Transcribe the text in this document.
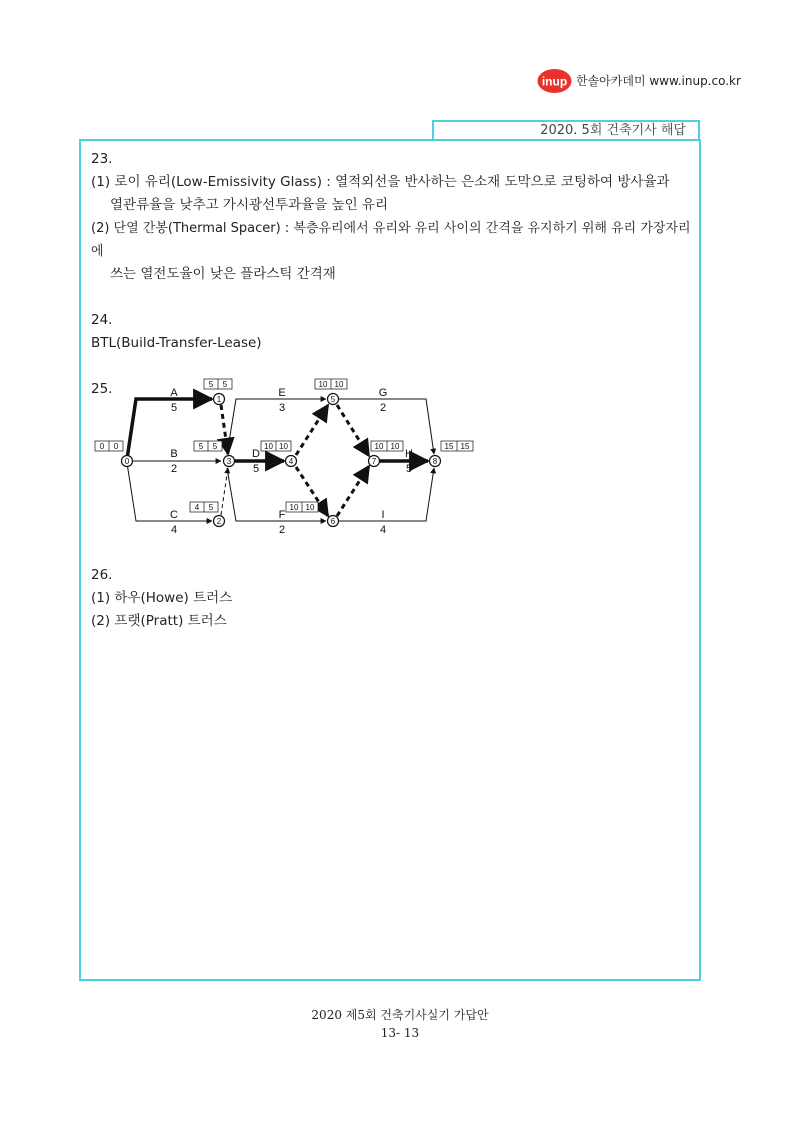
inup 한솔아카데미 www.inup.co.kr
2020. 5회 건축기사 해답

23.

(1) 로이 유리(Low-Emissivity Glass) : 열적외선을 반사하는 은소재 도막으로 코팅하여 방사율과

열관류율을 낮추고 가시광선투과율을 높인 유리

(2) 단열 간봉(Thermal Spacer) : 복층유리에서 유리와 유리 사이의 간격을 유지하기 위해 유리 가장자리에

쓰는 열전도율이 낮은 플라스틱 간격재

24.

BTL(Build-Transfer-Lease)

25.	A
5
B
2
C
4
D
5
E
3
F
2
G
2
H
5
I
4
0 0
5 5
4 5
5 5	10 10
10 10
10 10
10 10	15 15
0
1
2
3	4
5
6
7	8

26.

(1) 하우(Howe) 트러스

(2) 프랫(Pratt) 트러스

2020 제5회 건축기사실기 가답안
13- 13
